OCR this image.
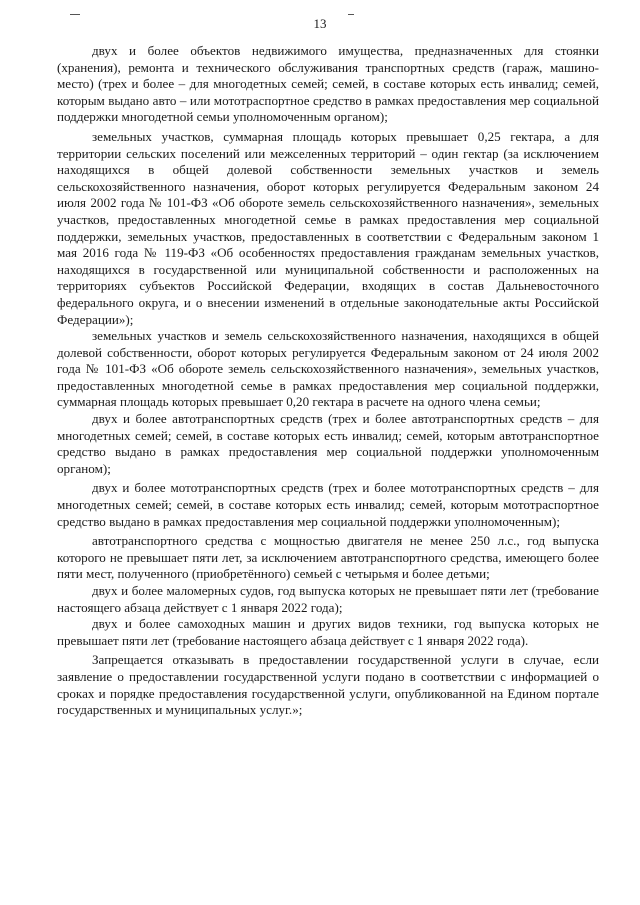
13

двух и более объектов недвижимого имущества, предназначенных для стоянки (хранения), ремонта и технического обслуживания транспортных средств (гараж, машино-место) (трех и более – для многодетных семей; семей, в составе которых есть инвалид; семей, которым выдано авто – или мототраспортное средство в рамках предоставления мер социальной поддержки многодетной семьи уполномоченным органом);

земельных участков, суммарная площадь которых превышает 0,25 гектара, а для территории сельских поселений или межселенных территорий – один гектар (за исключением находящихся в общей долевой собственности земельных участков и земель сельскохозяйственного назначения, оборот которых регулируется Федеральным законом 24 июля 2002 года № 101-ФЗ «Об обороте земель сельскохозяйственного назначения», земельных участков, предоставленных многодетной семье в рамках предоставления мер социальной поддержки, земельных участков, предоставленных в соответствии с Федеральным законом 1 мая 2016 года № 119-ФЗ «Об особенностях предоставления гражданам земельных участков, находящихся в государственной или муниципальной собственности и расположенных на территориях субъектов Российской Федерации, входящих в состав Дальневосточного федерального округа, и о внесении изменений в отдельные законодательные акты Российской Федерации»);

земельных участков и земель сельскохозяйственного назначения, находящихся в общей долевой собственности, оборот которых регулируется Федеральным законом от 24 июля 2002 года № 101-ФЗ «Об обороте земель сельскохозяйственного назначения», земельных участков, предоставленных многодетной семье в рамках предоставления мер социальной поддержки, суммарная площадь которых превышает 0,20 гектара в расчете на одного члена семьи;

двух и более автотранспортных средств (трех и более автотранспортных средств – для многодетных семей; семей, в составе которых есть инвалид; семей, которым автотранспортное средство выдано в рамках предоставления мер социальной поддержки уполномоченным органом);

двух и более мототранспортных средств (трех и более мототранспортных средств – для многодетных семей; семей, в составе которых есть инвалид; семей, которым мототраспортное средство выдано в рамках предоставления мер социальной поддержки уполномоченным);

автотранспортного средства с мощностью двигателя не менее 250 л.с., год выпуска которого не превышает пяти лет, за исключением автотранспортного средства, имеющего более пяти мест, полученного (приобретённого) семьей с четырьмя и более детьми;

двух и более маломерных судов, год выпуска которых не превышает пяти лет (требование настоящего абзаца действует с 1 января 2022 года);

двух и более самоходных машин и других видов техники, год выпуска которых не превышает пяти лет (требование настоящего абзаца действует с 1 января 2022 года).

Запрещается отказывать в предоставлении государственной услуги в случае, если заявление о предоставлении государственной услуги подано в соответствии с информацией о сроках и порядке предоставления государственной услуги, опубликованной на Едином портале государственных и муниципальных услуг.»;
